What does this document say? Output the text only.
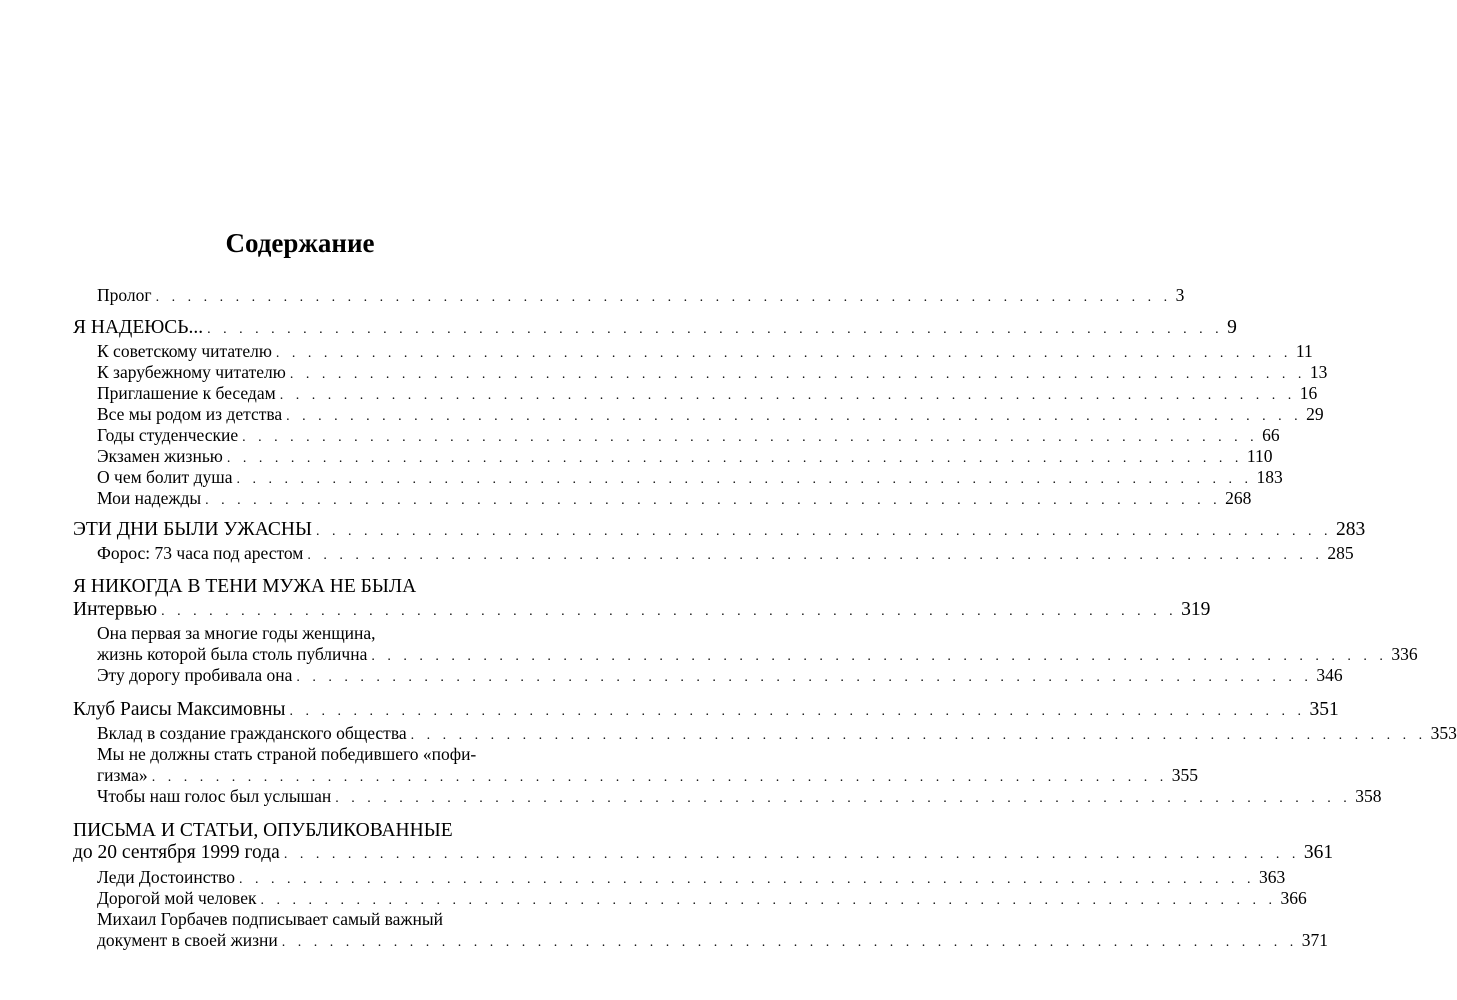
Содержание
Пролог . . . . . . . . . . . . . . . . . . . . . . . . . . . . . . . . . . . . . . . . . . . . . . . . . . . . . . . . . . . . . . . . 3
Я НАДЕЮСЬ... . . . . . . . . . . . . . . . . . . . . . . . . . . . . . . . . . . . . . . . . . . . . . . . . . . . . . . . . . . . . . . . . 9
К советскому читателю . . . . . . . . . . . . . . . . . . . . . . . . . . . . . . . . . . . . . . . . . . . . . . . . . . . . . . . . . . . . . . . . 11
К зарубежному читателю . . . . . . . . . . . . . . . . . . . . . . . . . . . . . . . . . . . . . . . . . . . . . . . . . . . . . . . . . . . . . . . . 13
Приглашение к беседам . . . . . . . . . . . . . . . . . . . . . . . . . . . . . . . . . . . . . . . . . . . . . . . . . . . . . . . . . . . . . . . . 16
Все мы родом из детства . . . . . . . . . . . . . . . . . . . . . . . . . . . . . . . . . . . . . . . . . . . . . . . . . . . . . . . . . . . . . . . . 29
Годы студенческие . . . . . . . . . . . . . . . . . . . . . . . . . . . . . . . . . . . . . . . . . . . . . . . . . . . . . . . . . . . . . . . . 66
Экзамен жизнью . . . . . . . . . . . . . . . . . . . . . . . . . . . . . . . . . . . . . . . . . . . . . . . . . . . . . . . . . . . . . . . . 110
О чем болит душа . . . . . . . . . . . . . . . . . . . . . . . . . . . . . . . . . . . . . . . . . . . . . . . . . . . . . . . . . . . . . . . . 183
Мои надежды . . . . . . . . . . . . . . . . . . . . . . . . . . . . . . . . . . . . . . . . . . . . . . . . . . . . . . . . . . . . . . . . 268
ЭТИ ДНИ БЫЛИ УЖАСНЫ . . . . . . . . . . . . . . . . . . . . . . . . . . . . . . . . . . . . . . . . . . . . . . . . . . . . . . . . . . . . . . . . 283
Форос: 73 часа под арестом . . . . . . . . . . . . . . . . . . . . . . . . . . . . . . . . . . . . . . . . . . . . . . . . . . . . . . . . . . . . . . . . 285
Я НИКОГДА В ТЕНИ МУЖА НЕ БЫЛА
Интервью . . . . . . . . . . . . . . . . . . . . . . . . . . . . . . . . . . . . . . . . . . . . . . . . . . . . . . . . . . . . . . . . 319
Она первая за многие годы женщина,
жизнь которой была столь публична . . . . . . . . . . . . . . . . . . . . . . . . . . . . . . . . . . . . . . . . . . . . . . . . . . . . . . . . . . . . . . . . 336
Эту дорогу пробивала она . . . . . . . . . . . . . . . . . . . . . . . . . . . . . . . . . . . . . . . . . . . . . . . . . . . . . . . . . . . . . . . . 346
Клуб Раисы Максимовны . . . . . . . . . . . . . . . . . . . . . . . . . . . . . . . . . . . . . . . . . . . . . . . . . . . . . . . . . . . . . . . . 351
Вклад в создание гражданского общества . . . . . . . . . . . . . . . . . . . . . . . . . . . . . . . . . . . . . . . . . . . . . . . . . . . . . . . . . . . . . . . . 353
Мы не должны стать страной победившего «пофи-
гизма» . . . . . . . . . . . . . . . . . . . . . . . . . . . . . . . . . . . . . . . . . . . . . . . . . . . . . . . . . . . . . . . . 355
Чтобы наш голос был услышан . . . . . . . . . . . . . . . . . . . . . . . . . . . . . . . . . . . . . . . . . . . . . . . . . . . . . . . . . . . . . . . . 358
ПИСЬМА И СТАТЬИ, ОПУБЛИКОВАННЫЕ
до 20 сентября 1999 года . . . . . . . . . . . . . . . . . . . . . . . . . . . . . . . . . . . . . . . . . . . . . . . . . . . . . . . . . . . . . . . . 361
Леди Достоинство . . . . . . . . . . . . . . . . . . . . . . . . . . . . . . . . . . . . . . . . . . . . . . . . . . . . . . . . . . . . . . . . 363
Дорогой мой человек . . . . . . . . . . . . . . . . . . . . . . . . . . . . . . . . . . . . . . . . . . . . . . . . . . . . . . . . . . . . . . . . 366
Михаил Горбачев подписывает самый важный
документ в своей жизни . . . . . . . . . . . . . . . . . . . . . . . . . . . . . . . . . . . . . . . . . . . . . . . . . . . . . . . . . . . . . . . . 371
